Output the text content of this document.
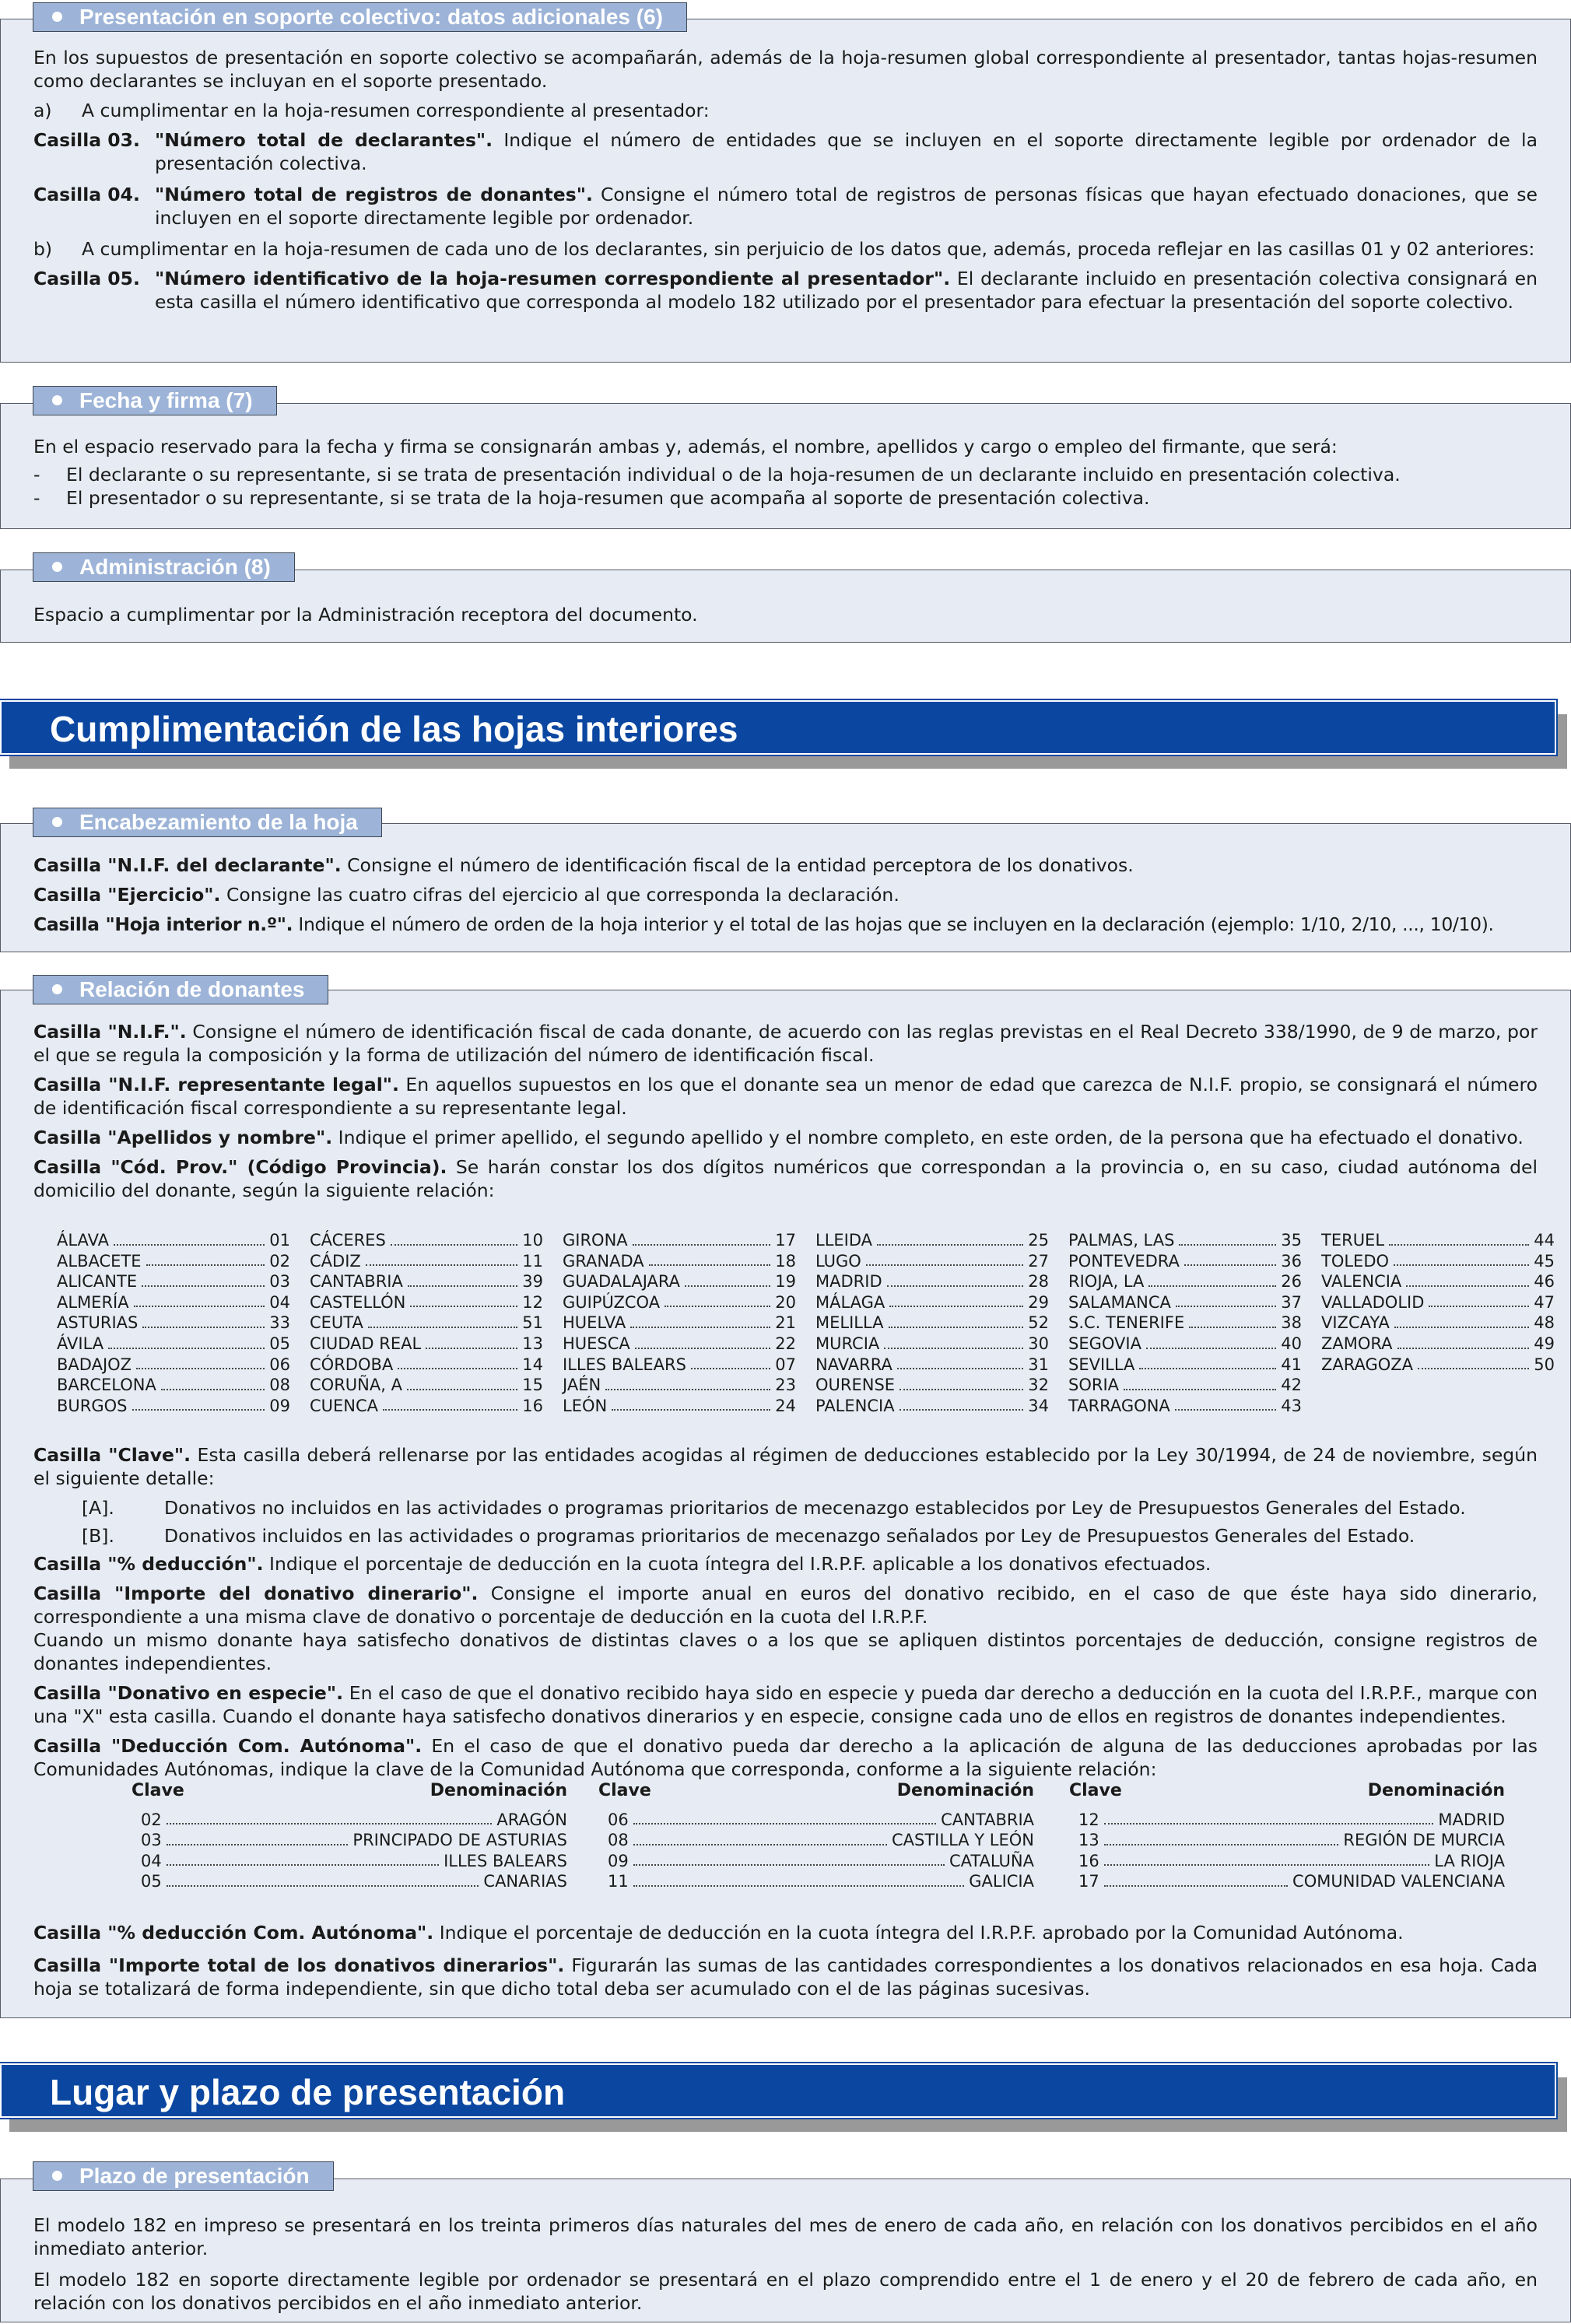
En los supuestos de presentación en soporte colectivo se acompañarán, además de la hoja-resumen global correspondiente al presentador, tantas hojas-resumen como declarantes se incluyan en el soporte presentado.

a)	A cumplimentar en la hoja-resumen correspondiente al presentador:
Casilla 03. "Número total de declarantes". Indique el número de entidades que se incluyen en el soporte directamente legible por ordenador de la presentación colectiva.
Casilla 04. "Número total de registros de donantes". Consigne el número total de registros de personas físicas que hayan efectuado donaciones, que se incluyen en el soporte directamente legible por ordenador.
b)	A cumplimentar en la hoja-resumen de cada uno de los declarantes, sin perjuicio de los datos que, además, proceda reflejar en las casillas 01 y 02 anteriores:
Casilla 05. "Número identificativo de la hoja-resumen correspondiente al presentador". El declarante incluido en presentación colectiva consignará en esta casilla el número identificativo que corresponda al modelo 182 utilizado por el presentador para efectuar la presentación del soporte colectivo.
Presentación en soporte colectivo: datos adicionales (6)

En el espacio reservado para la fecha y firma se consignarán ambas y, además, el nombre, apellidos y cargo o empleo del firmante, que será:

-	El declarante o su representante, si se trata de presentación individual o de la hoja-resumen de un declarante incluido en presentación colectiva.
-	El presentador o su representante, si se trata de la hoja-resumen que acompaña al soporte de presentación colectiva.
Fecha y firma (7)

Espacio a cumplimentar por la Administración receptora del documento.

Administración (8)
Cumplimentación de las hojas interiores

Casilla "N.I.F. del declarante". Consigne el número de identificación fiscal de la entidad perceptora de los donativos.

Casilla "Ejercicio". Consigne las cuatro cifras del ejercicio al que corresponda la declaración.

Casilla "Hoja interior n.º". Indique el número de orden de la hoja interior y el total de las hojas que se incluyen en la declaración (ejemplo: 1/10, 2/10, ..., 10/10).

Encabezamiento de la hoja

Casilla "N.I.F.". Consigne el número de identificación fiscal de cada donante, de acuerdo con las reglas previstas en el Real Decreto 338/1990, de 9 de marzo, por el que se regula la composición y la forma de utilización del número de identificación fiscal.

Casilla "N.I.F. representante legal". En aquellos supuestos en los que el donante sea un menor de edad que carezca de N.I.F. propio, se consignará el número de identificación fiscal correspondiente a su representante legal.

Casilla "Apellidos y nombre". Indique el primer apellido, el segundo apellido y el nombre completo, en este orden, de la persona que ha efectuado el donativo.

Casilla "Cód. Prov." (Código Provincia). Se harán constar los dos dígitos numéricos que correspondan a la provincia o, en su caso, ciudad autónoma del domicilio del donante, según la siguiente relación:

ÁLAVA	01
ALBACETE	02
ALICANTE	03
ALMERÍA	04
ASTURIAS	33
ÁVILA	05
BADAJOZ	06
BARCELONA	08
BURGOS	09
CÁCERES	10
CÁDIZ	11
CANTABRIA	39
CASTELLÓN	12
CEUTA	51
CIUDAD REAL	13
CÓRDOBA	14
CORUÑA, A	15
CUENCA	16
GIRONA	17
GRANADA	18
GUADALAJARA	19
GUIPÚZCOA	20
HUELVA	21
HUESCA	22
ILLES BALEARS	07
JAÉN	23
LEÓN	24
LLEIDA	25
LUGO	27
MADRID	28
MÁLAGA	29
MELILLA	52
MURCIA	30
NAVARRA	31
OURENSE	32
PALENCIA	34
PALMAS, LAS	35
PONTEVEDRA	36
RIOJA, LA	26
SALAMANCA	37
S.C. TENERIFE	38
SEGOVIA	40
SEVILLA	41
SORIA	42
TARRAGONA	43
TERUEL	44
TOLEDO	45
VALENCIA	46
VALLADOLID	47
VIZCAYA	48
ZAMORA	49
ZARAGOZA	50

Casilla "Clave". Esta casilla deberá rellenarse por las entidades acogidas al régimen de deducciones establecido por la Ley 30/1994, de 24 de noviembre, según el siguiente detalle:

[A].	Donativos no incluidos en las actividades o programas prioritarios de mecenazgo establecidos por Ley de Presupuestos Generales del Estado.
[B].	Donativos incluidos en las actividades o programas prioritarios de mecenazgo señalados por Ley de Presupuestos Generales del Estado.

Casilla "% deducción". Indique el porcentaje de deducción en la cuota íntegra del I.R.P.F. aplicable a los donativos efectuados.

Casilla "Importe del donativo dinerario". Consigne el importe anual en euros del donativo recibido, en el caso de que éste haya sido dinerario, correspondiente a una misma clave de donativo o porcentaje de deducción en la cuota del I.R.P.F.

Cuando un mismo donante haya satisfecho donativos de distintas claves o a los que se apliquen distintos porcentajes de deducción, consigne registros de donantes independientes.

Casilla "Donativo en especie". En el caso de que el donativo recibido haya sido en especie y pueda dar derecho a deducción en la cuota del I.R.P.F., marque con una "X" esta casilla. Cuando el donante haya satisfecho donativos dinerarios y en especie, consigne cada uno de ellos en registros de donantes independientes.

Casilla "Deducción Com. Autónoma". En el caso de que el donativo pueda dar derecho a la aplicación de alguna de las deducciones aprobadas por las Comunidades Autónomas, indique la clave de la Comunidad Autónoma que corresponda, conforme a la siguiente relación:

Clave	Denominación
02	ARAGÓN
03	PRINCIPADO DE ASTURIAS
04	ILLES BALEARS
05	CANARIAS
Clave	Denominación
06	CANTABRIA
08	CASTILLA Y LEÓN
09	CATALUÑA
11	GALICIA
Clave	Denominación
12	MADRID
13	REGIÓN DE MURCIA
16	LA RIOJA
17	COMUNIDAD VALENCIANA

Casilla "% deducción Com. Autónoma". Indique el porcentaje de deducción en la cuota íntegra del I.R.P.F. aprobado por la Comunidad Autónoma.

Casilla "Importe total de los donativos dinerarios". Figurarán las sumas de las cantidades correspondientes a los donativos relacionados en esa hoja. Cada hoja se totalizará de forma independiente, sin que dicho total deba ser acumulado con el de las páginas sucesivas.

Relación de donantes
Lugar y plazo de presentación

El modelo 182 en impreso se presentará en los treinta primeros días naturales del mes de enero de cada año, en relación con los donativos percibidos en el año inmediato anterior.

El modelo 182 en soporte directamente legible por ordenador se presentará en el plazo comprendido entre el 1 de enero y el 20 de febrero de cada año, en relación con los donativos percibidos en el año inmediato anterior.

Plazo de presentación
